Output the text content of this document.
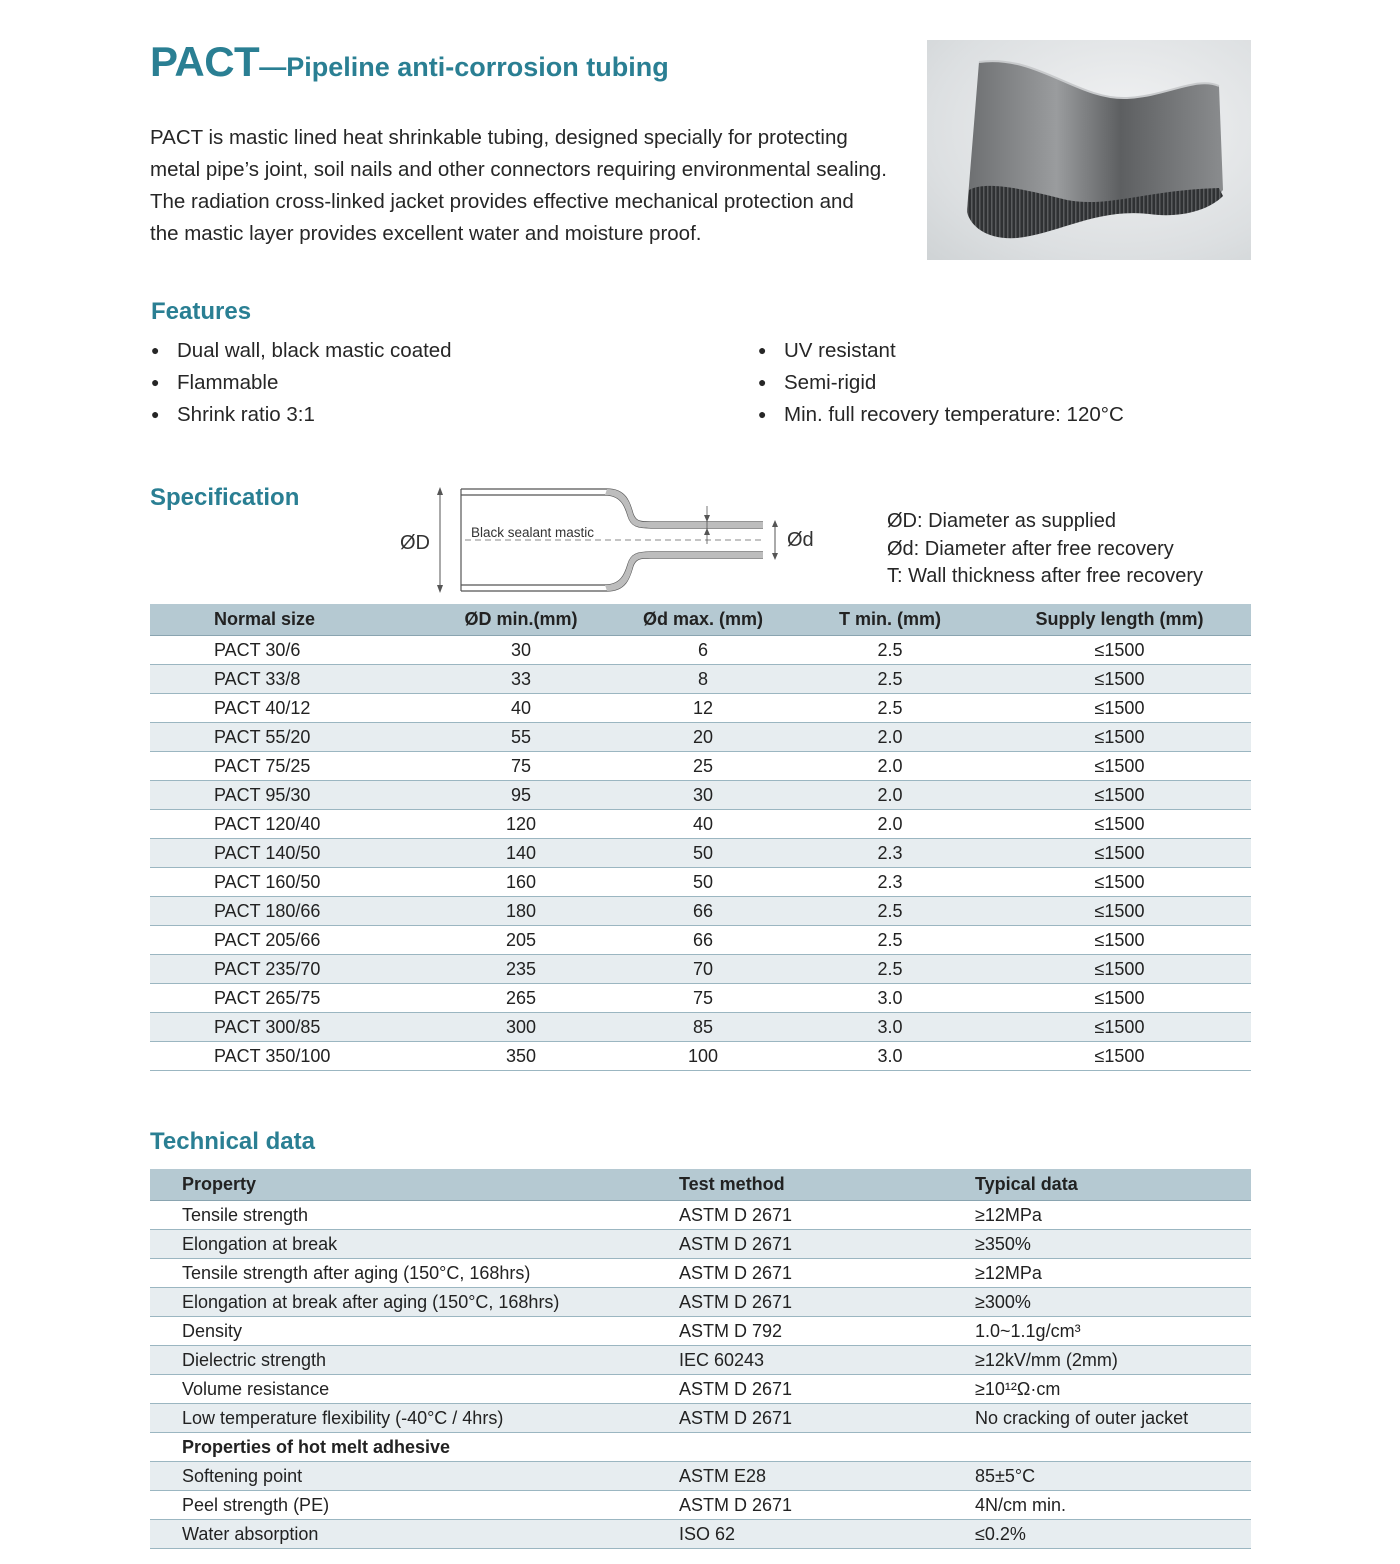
PACT—Pipeline anti-corrosion tubing

PACT is mastic lined heat shrinkable tubing, designed specially for protecting

metal pipe’s joint, soil nails and other connectors requiring environmental sealing.

The radiation cross-linked jacket provides effective mechanical protection and

the mastic layer provides excellent water and moisture proof.

Features
● Dual wall, black mastic coated
● Flammable
● Shrink ratio 3:1
● UV resistant
● Semi-rigid
● Min. full recovery temperature: 120°C
Specification
ØD	Ød
Black sealant mastic
ØD: Diameter as supplied
Ød: Diameter after free recovery
T: Wall thickness after free recovery
Normal size	ØD min.(mm)	Ød max. (mm)	T min. (mm)	Supply length (mm)
PACT 30/6	30	6	2.5	≤1500
PACT 33/8	33	8	2.5	≤1500
PACT 40/12	40	12	2.5	≤1500
PACT 55/20	55	20	2.0	≤1500
PACT 75/25	75	25	2.0	≤1500
PACT 95/30	95	30	2.0	≤1500
PACT 120/40	120	40	2.0	≤1500
PACT 140/50	140	50	2.3	≤1500
PACT 160/50	160	50	2.3	≤1500
PACT 180/66	180	66	2.5	≤1500
PACT 205/66	205	66	2.5	≤1500
PACT 235/70	235	70	2.5	≤1500
PACT 265/75	265	75	3.0	≤1500
PACT 300/85	300	85	3.0	≤1500
PACT 350/100	350	100	3.0	≤1500
Technical data
Property	Test method	Typical data
Tensile strength	ASTM D 2671	≥12MPa
Elongation at break	ASTM D 2671	≥350%
Tensile strength after aging (150°C, 168hrs)	ASTM D 2671	≥12MPa
Elongation at break after aging (150°C, 168hrs)	ASTM D 2671	≥300%
Density	ASTM D 792	1.0~1.1g/cm³
Dielectric strength	IEC 60243	≥12kV/mm (2mm)
Volume resistance	ASTM D 2671	≥10¹²Ω·cm
Low temperature flexibility (-40°C / 4hrs)	ASTM D 2671	No cracking of outer jacket
Properties of hot melt adhesive		
Softening point	ASTM E28	85±5°C
Peel strength (PE)	ASTM D 2671	4N/cm min.
Water absorption	ISO 62	≤0.2%
